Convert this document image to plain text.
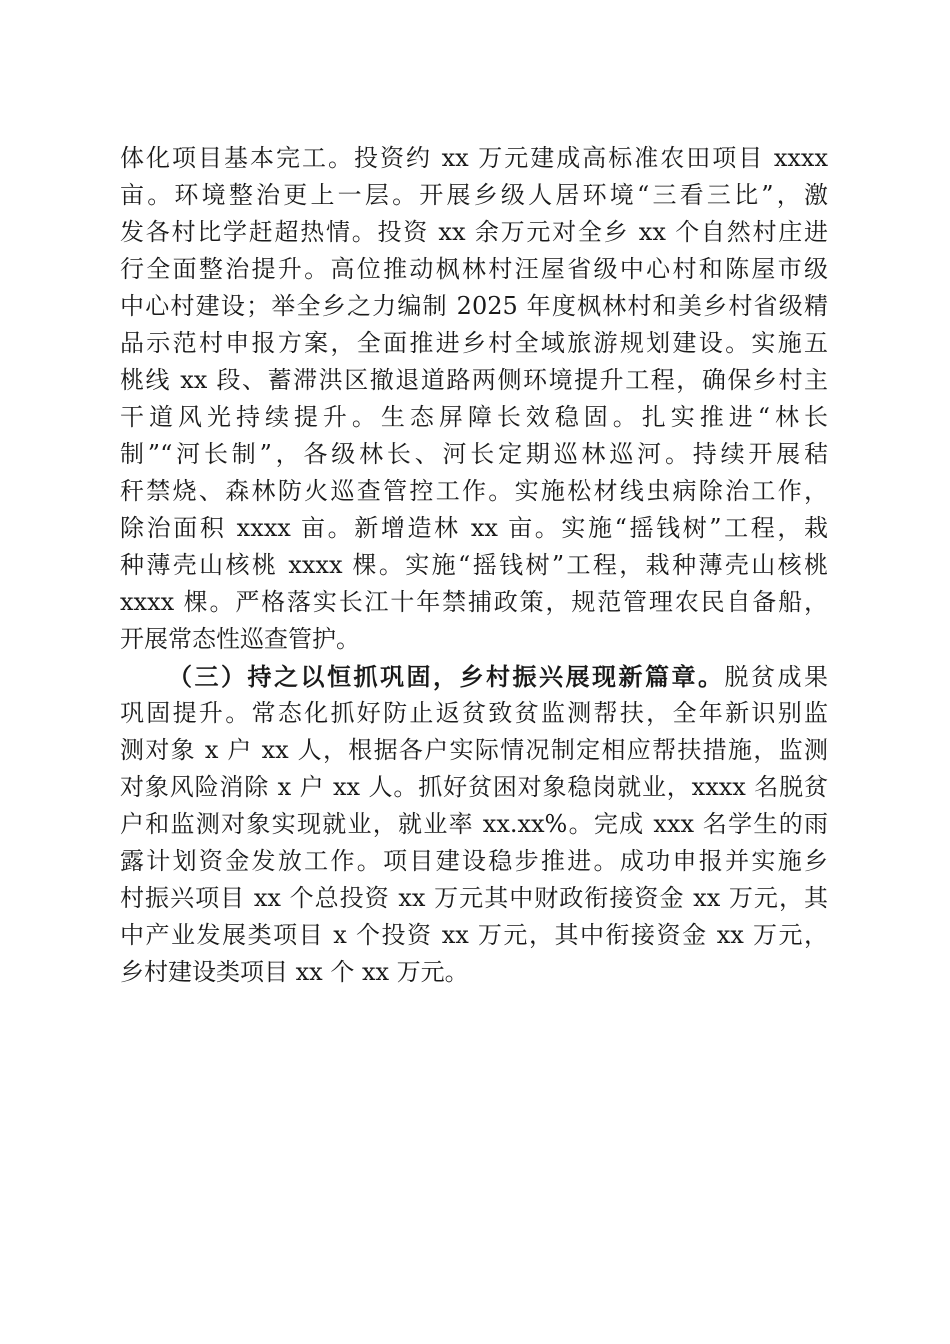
体化项目基本完工。投资约 xx 万元建成高标准农田项目 xxxx
亩。环境整治更上一层。开展乡级人居环境“三看三比”，激
发各村比学赶超热情。投资 xx 余万元对全乡 xx 个自然村庄进
行全面整治提升。高位推动枫林村汪屋省级中心村和陈屋市级
中心村建设；举全乡之力编制 2025 年度枫林村和美乡村省级精
品示范村申报方案，全面推进乡村全域旅游规划建设。实施五
桃线 xx 段、蓄滞洪区撤退道路两侧环境提升工程，确保乡村主
干道风光持续提升。生态屏障长效稳固。扎实推进“林长
制”“河长制”，各级林长、河长定期巡林巡河。持续开展秸
秆禁烧、森林防火巡查管控工作。实施松材线虫病除治工作，
除治面积 xxxx 亩。新增造林 xx 亩。实施“摇钱树”工程，栽
种薄壳山核桃 xxxx 棵。实施“摇钱树”工程，栽种薄壳山核桃
xxxx 棵。严格落实长江十年禁捕政策，规范管理农民自备船，
开展常态性巡查管护。
（三）持之以恒抓巩固，乡村振兴展现新篇章。脱贫成果
巩固提升。常态化抓好防止返贫致贫监测帮扶，全年新识别监
测对象 x 户 xx 人，根据各户实际情况制定相应帮扶措施，监测
对象风险消除 x 户 xx 人。抓好贫困对象稳岗就业，xxxx 名脱贫
户和监测对象实现就业，就业率 xx.xx%。完成 xxx 名学生的雨
露计划资金发放工作。项目建设稳步推进。成功申报并实施乡
村振兴项目 xx 个总投资 xx 万元其中财政衔接资金 xx 万元，其
中产业发展类项目 x 个投资 xx 万元，其中衔接资金 xx 万元，
乡村建设类项目 xx 个 xx 万元。
